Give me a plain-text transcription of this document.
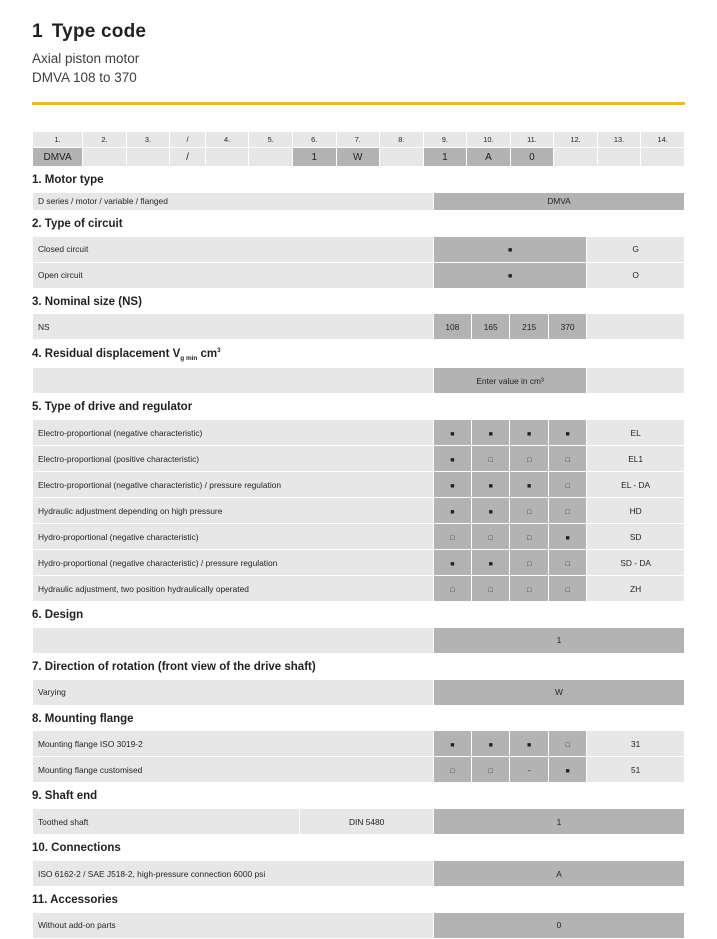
1 Type code
Axial piston motor
DMVA 108 to 370
1.	2.	3.	/	4.	5.	6.	7.	8.	9.	10.	11.	12.	13.	14.
DMVA			/			1	W		1	A	0			
1. Motor type
D series / motor / variable / flanged	DMVA
2. Type of circuit
Closed circuit	■	G
Open circuit	■	O
3. Nominal size (NS)
NS	108	165	215	370	
4. Residual displacement $V_{g min}$ $cm^3$
	Enter value in cm³	
5. Type of drive and regulator
Electro-proportional (negative characteristic)	■	■	■	■	EL
Electro-proportional (positive characteristic)	■	□	□	□	EL1
Electro-proportional (negative characteristic) / pressure regulation	■	■	■	□	EL - DA
Hydraulic adjustment depending on high pressure	■	■	□	□	HD
Hydro-proportional (negative characteristic)	□	□	□	■	SD
Hydro-proportional (negative characteristic) / pressure regulation	■	■	□	□	SD - DA
Hydraulic adjustment, two position hydraulically operated	□	□	□	□	ZH
6. Design
	1
7. Direction of rotation (front view of the drive shaft)
Varying	W
8. Mounting flange
Mounting flange ISO 3019-2	■	■	■	□	31
Mounting flange customised	□	□	-	■	51
9. Shaft end
Toothed shaft	DIN 5480	1
10. Connections
ISO 6162-2 / SAE J518-2, high-pressure connection 6000 psi	A
11. Accessories
Without add-on parts	0
